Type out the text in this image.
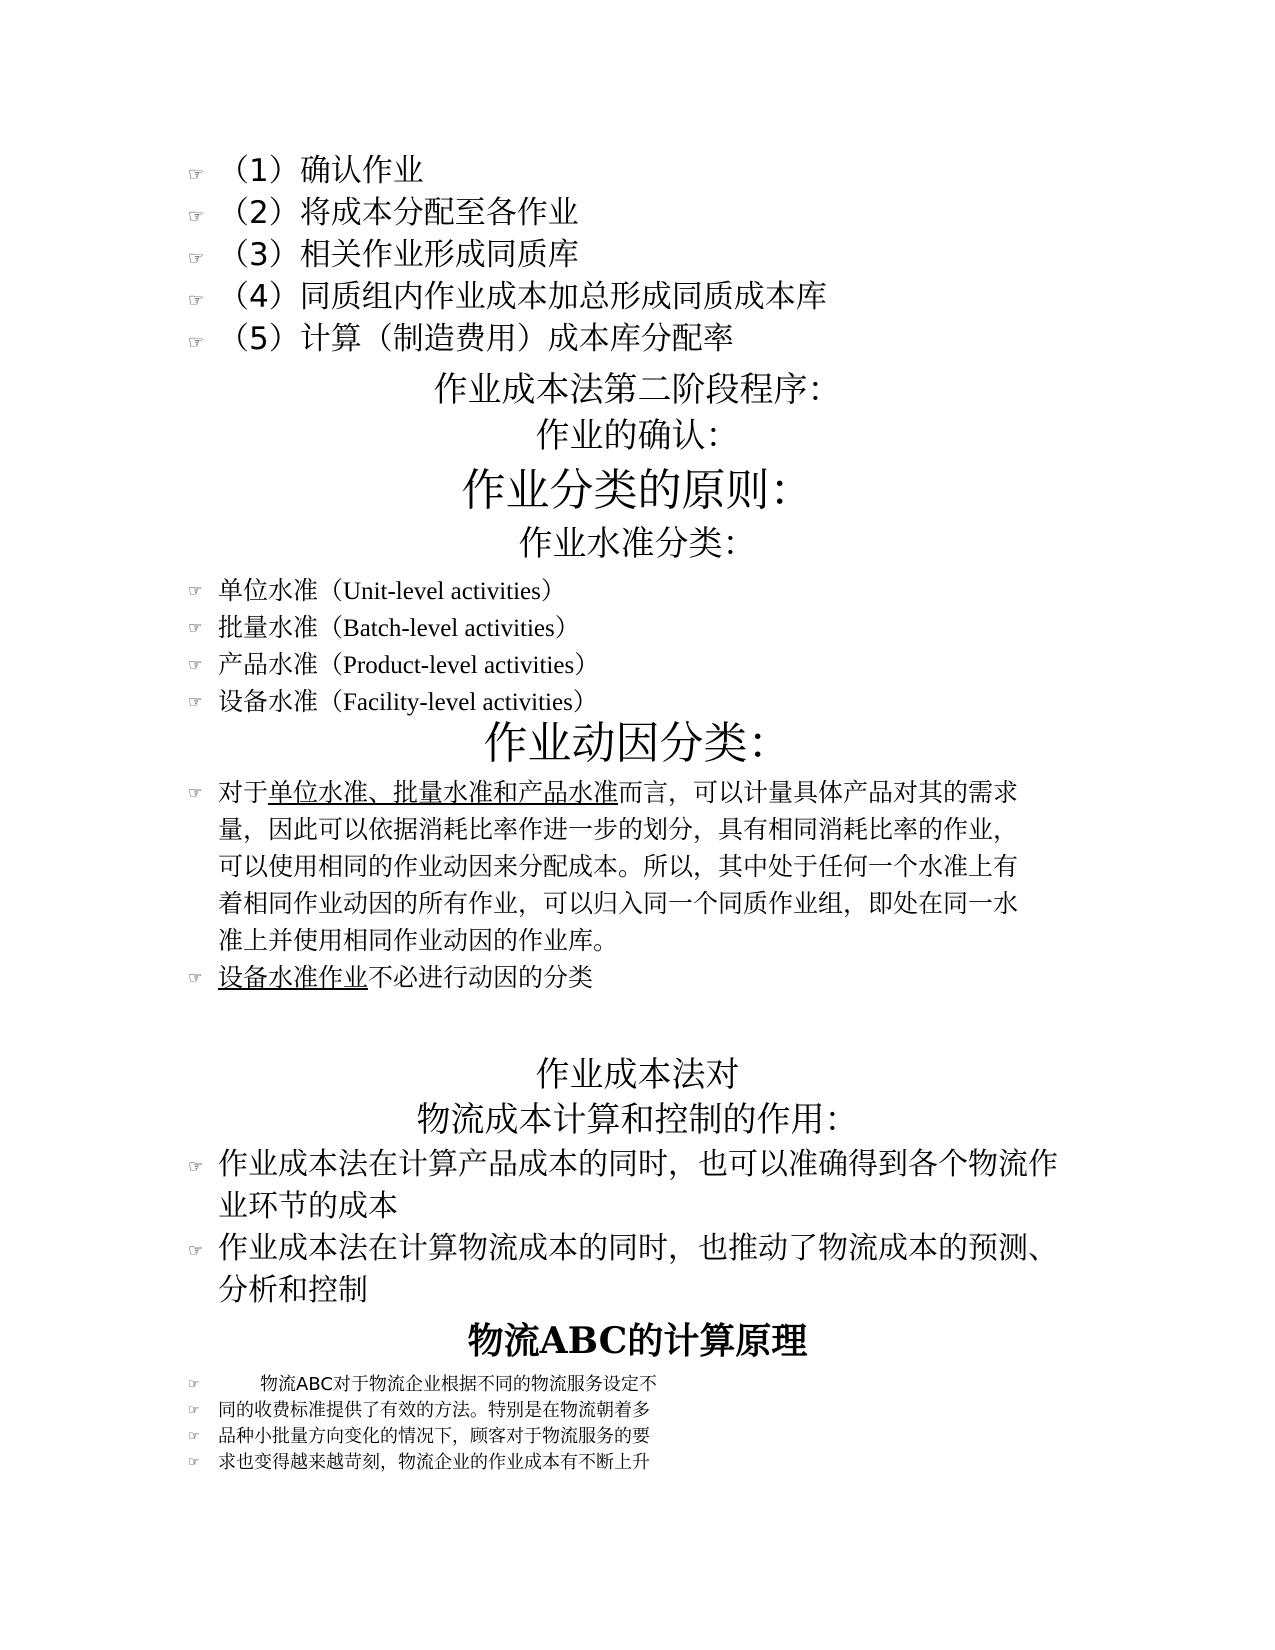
☞ （1）确认作业
☞ （2）将成本分配至各作业
☞ （3）相关作业形成同质库
☞ （4）同质组内作业成本加总形成同质成本库
☞ （5）计算（制造费用）成本库分配率
作业成本法第二阶段程序：
作业的确认：
作业分类的原则：
作业水准分类：
☞ 单位水准（Unit-level activities）
☞ 批量水准（Batch-level activities）
☞ 产品水准（Product-level activities）
☞ 设备水准（Facility-level activities）
作业动因分类：
☞ 对于单位水准、批量水准和产品水准而言，可以计量具体产品对其的需求量，因此可以依据消耗比率作进一步的划分，具有相同消耗比率的作业，可以使用相同的作业动因来分配成本。所以，其中处于任何一个水准上有着相同作业动因的所有作业，可以归入同一个同质作业组，即处在同一水准上并使用相同作业动因的作业库。
☞ 设备水准作业不必进行动因的分类
作业成本法对
物流成本计算和控制的作用：
☞ 作业成本法在计算产品成本的同时，也可以准确得到各个物流作业环节的成本
☞ 作业成本法在计算物流成本的同时，也推动了物流成本的预测、分析和控制
物流ABC的计算原理
☞	物流ABC对于物流企业根据不同的物流服务设定不
☞ 同的收费标准提供了有效的方法。特别是在物流朝着多
☞ 品种小批量方向变化的情况下，顾客对于物流服务的要
☞ 求也变得越来越苛刻，物流企业的作业成本有不断上升
